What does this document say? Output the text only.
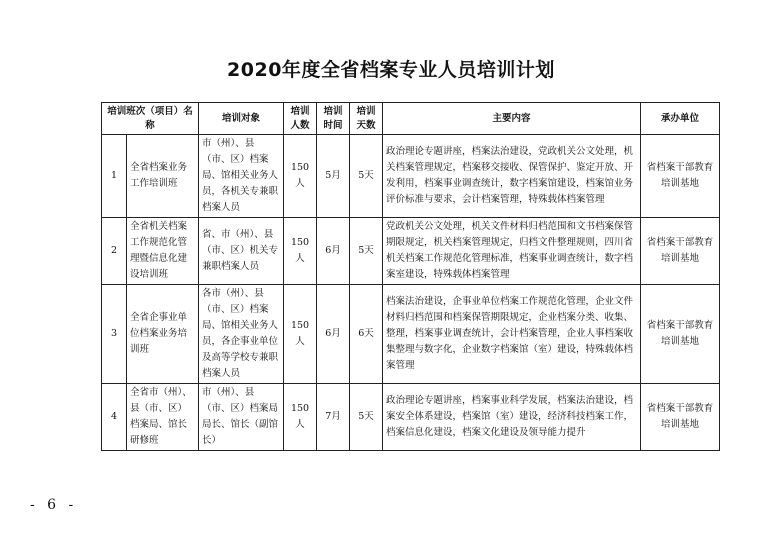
2020年度全省档案专业人员培训计划
培训班次（项目）名称		培训对象	培训人数	培训时间	培训天数	主要内容	承办单位
1	全省档案业务工作培训班	市（州）、县（市、区）档案局、馆相关业务人员，各机关专兼职档案人员	150人	5月	5天	政治理论专题讲座，档案法治建设，党政机关公文处理，机关档案管理规定，档案移交接收、保管保护、鉴定开放、开发利用，档案事业调查统计，数字档案馆建设，档案馆业务评价标准与要求，会计档案管理，特殊载体档案管理	省档案干部教育培训基地
2	全省机关档案工作规范化管理暨信息化建设培训班	省、市（州）、县（市、区）机关专兼职档案人员	150人	6月	5天	党政机关公文处理，机关文件材料归档范围和文书档案保管期限规定，机关档案管理规定，归档文件整理规则，四川省机关档案工作规范化管理标准，档案事业调查统计，数字档案室建设，特殊载体档案管理	省档案干部教育培训基地
3	全省企事业单位档案业务培训班	各市（州）、县（市、区）档案局、馆相关业务人员，各企事业单位及高等学校专兼职档案人员	150人	6月	6天	档案法治建设，企事业单位档案工作规范化管理，企业文件材料归档范围和档案保管期限规定，企业档案分类、收集、整理，档案事业调查统计，会计档案管理，企业人事档案收集整理与数字化，企业数字档案馆（室）建设，特殊载体档案管理	省档案干部教育培训基地
4	全省市（州）、县（市、区）档案局、馆长研修班	市（州）、县（市、区）档案局局长、馆长（副馆长）	150人	7月	5天	政治理论专题讲座，档案事业科学发展，档案法治建设，档案安全体系建设，档案馆（室）建设，经济科技档案工作，档案信息化建设，档案文化建设及领导能力提升	省档案干部教育培训基地
- 6 -
